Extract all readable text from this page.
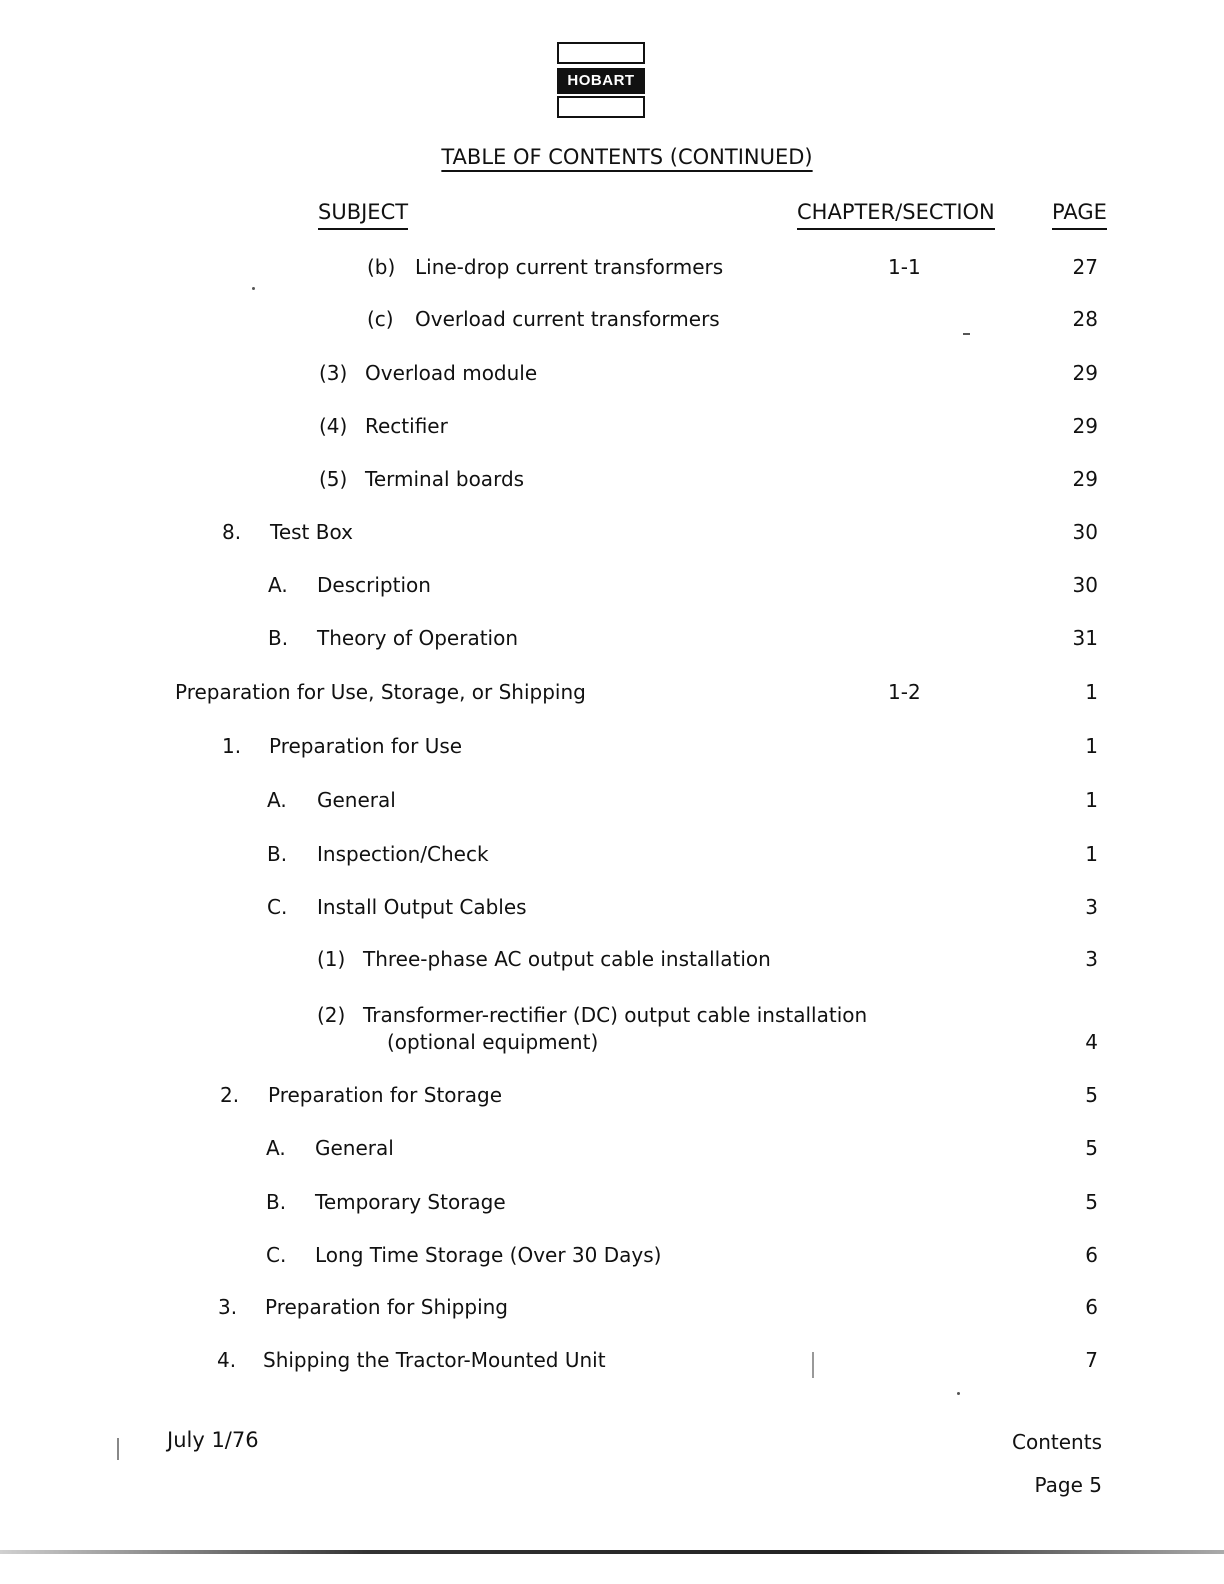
HOBART
TABLE OF CONTENTS (CONTINUED)
SUBJECT	CHAPTER/SECTION	PAGE
(b) Line-drop current transformers	1-1	27
(c) Overload current transformers	28
(3) Overload module	29
(4) Rectifier	29
(5) Terminal boards	29
8. Test Box	30
A. Description	30
B. Theory of Operation	31
Preparation for Use, Storage, or Shipping	1-2	1
1. Preparation for Use	1
A. General	1
B. Inspection/Check	1
C. Install Output Cables	3
(1) Three-phase AC output cable installation	3
(2) Transformer-rectifier (DC) output cable installation
(optional equipment)	4
2. Preparation for Storage	5
A. General	5
B. Temporary Storage	5
C. Long Time Storage (Over 30 Days)	6
3. Preparation for Shipping	6
4. Shipping the Tractor-Mounted Unit	7
July 1/76	Contents
Page 5
